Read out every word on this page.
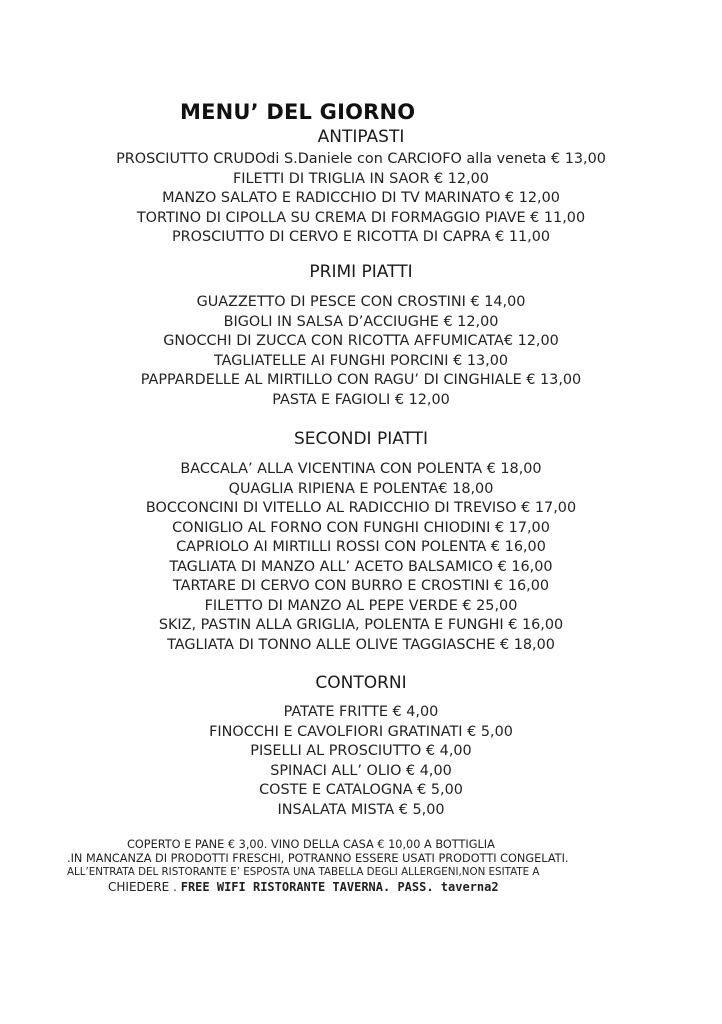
MENU’ DEL GIORNO
ANTIPASTI
PROSCIUTTO CRUDOdi S.Daniele con CARCIOFO alla veneta € 13,00
FILETTI DI TRIGLIA IN SAOR € 12,00
MANZO SALATO E RADICCHIO DI TV MARINATO € 12,00
TORTINO DI CIPOLLA SU CREMA DI FORMAGGIO PIAVE € 11,00
PROSCIUTTO DI CERVO E RICOTTA DI CAPRA € 11,00
PRIMI PIATTI
GUAZZETTO DI PESCE CON CROSTINI € 14,00
BIGOLI IN SALSA D’ACCIUGHE € 12,00
GNOCCHI DI ZUCCA CON RICOTTA AFFUMICATA€ 12,00
TAGLIATELLE AI FUNGHI PORCINI € 13,00
PAPPARDELLE AL MIRTILLO CON RAGU’ DI CINGHIALE € 13,00
PASTA E FAGIOLI € 12,00
SECONDI PIATTI
BACCALA’ ALLA VICENTINA CON POLENTA € 18,00
QUAGLIA RIPIENA E POLENTA€ 18,00
BOCCONCINI DI VITELLO AL RADICCHIO DI TREVISO € 17,00
CONIGLIO AL FORNO CON FUNGHI CHIODINI € 17,00
CAPRIOLO AI MIRTILLI ROSSI CON POLENTA € 16,00
TAGLIATA DI MANZO ALL’ ACETO BALSAMICO € 16,00
TARTARE DI CERVO CON BURRO E CROSTINI € 16,00
FILETTO DI MANZO AL PEPE VERDE € 25,00
SKIZ, PASTIN ALLA GRIGLIA, POLENTA E FUNGHI € 16,00
TAGLIATA DI TONNO ALLE OLIVE TAGGIASCHE € 18,00
CONTORNI
PATATE FRITTE € 4,00
FINOCCHI E CAVOLFIORI GRATINATI € 5,00
PISELLI AL PROSCIUTTO € 4,00
SPINACI ALL’ OLIO € 4,00
COSTE E CATALOGNA € 5,00
INSALATA MISTA € 5,00
COPERTO E PANE € 3,00. VINO DELLA CASA € 10,00 A BOTTIGLIA
.IN MANCANZA DI PRODOTTI FRESCHI, POTRANNO ESSERE USATI PRODOTTI CONGELATI.
ALL’ENTRATA DEL RISTORANTE E’ ESPOSTA UNA TABELLA DEGLI ALLERGENI,NON ESITATE A
CHIEDERE . FREE WIFI RISTORANTE TAVERNA. PASS. taverna2
